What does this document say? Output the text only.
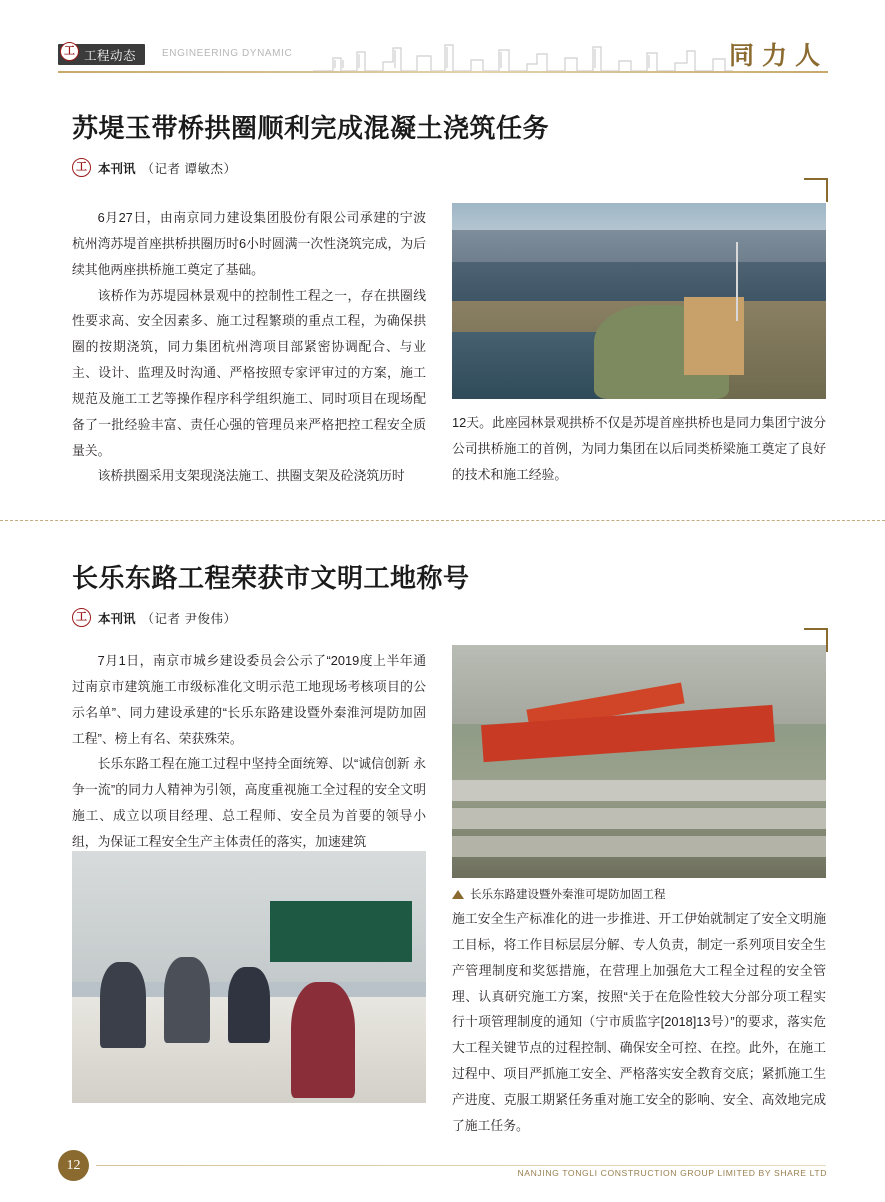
工程动态
工	ENGINEERING DYNAMIC	同力人
苏堤玉带桥拱圈顺利完成混凝土浇筑任务
工 本刊讯 （记者 谭敏杰）

6月27日，由南京同力建设集团股份有限公司承建的宁波杭州湾苏堤首座拱桥拱圈历时6小时圆满一次性浇筑完成，为后续其他两座拱桥施工奠定了基础。

该桥作为苏堤园林景观中的控制性工程之一，存在拱圈线性要求高、安全因素多、施工过程繁琐的重点工程，为确保拱圈的按期浇筑，同力集团杭州湾项目部紧密协调配合、与业主、设计、监理及时沟通、严格按照专家评审过的方案，施工规范及施工工艺等操作程序科学组织施工、同时项目在现场配备了一批经验丰富、责任心强的管理员来严格把控工程安全质量关。

该桥拱圈采用支架现浇法施工、拱圈支架及砼浇筑历时

12天。此座园林景观拱桥不仅是苏堤首座拱桥也是同力集团宁波分公司拱桥施工的首例，为同力集团在以后同类桥梁施工奠定了良好的技术和施工经验。
长乐东路工程荣获市文明工地称号
工 本刊讯 （记者 尹俊伟）

7月1日，南京市城乡建设委员会公示了“2019度上半年通过南京市建筑施工市级标准化文明示范工地现场考核项目的公示名单”、同力建设承建的“长乐东路建设暨外秦淮河堤防加固工程”、榜上有名、荣获殊荣。

长乐东路工程在施工过程中坚持全面统筹、以“诚信创新 永争一流”的同力人精神为引领，高度重视施工全过程的安全文明施工、成立以项目经理、总工程师、安全员为首要的领导小组，为保证工程安全生产主体责任的落实，加速建筑

长乐东路建设暨外秦淮可堤防加固工程
施工安全生产标准化的进一步推进、开工伊始就制定了安全文明施工目标，将工作目标层层分解、专人负责，制定一系列项目安全生产管理制度和奖惩措施，在营理上加强危大工程全过程的安全管理、认真研究施工方案，按照“关于在危险性较大分部分项工程实行十项管理制度的通知（宁市质监字[2018]13号）”的要求，落实危大工程关键节点的过程控制、确保安全可控、在控。此外，在施工过程中、项目严抓施工安全、严格落实安全教育交底；紧抓施工生产进度、克服工期紧任务重对施工安全的影响、安全、高效地完成了施工任务。
12
NANJING TONGLI CONSTRUCTION GROUP LIMITED BY SHARE LTD
